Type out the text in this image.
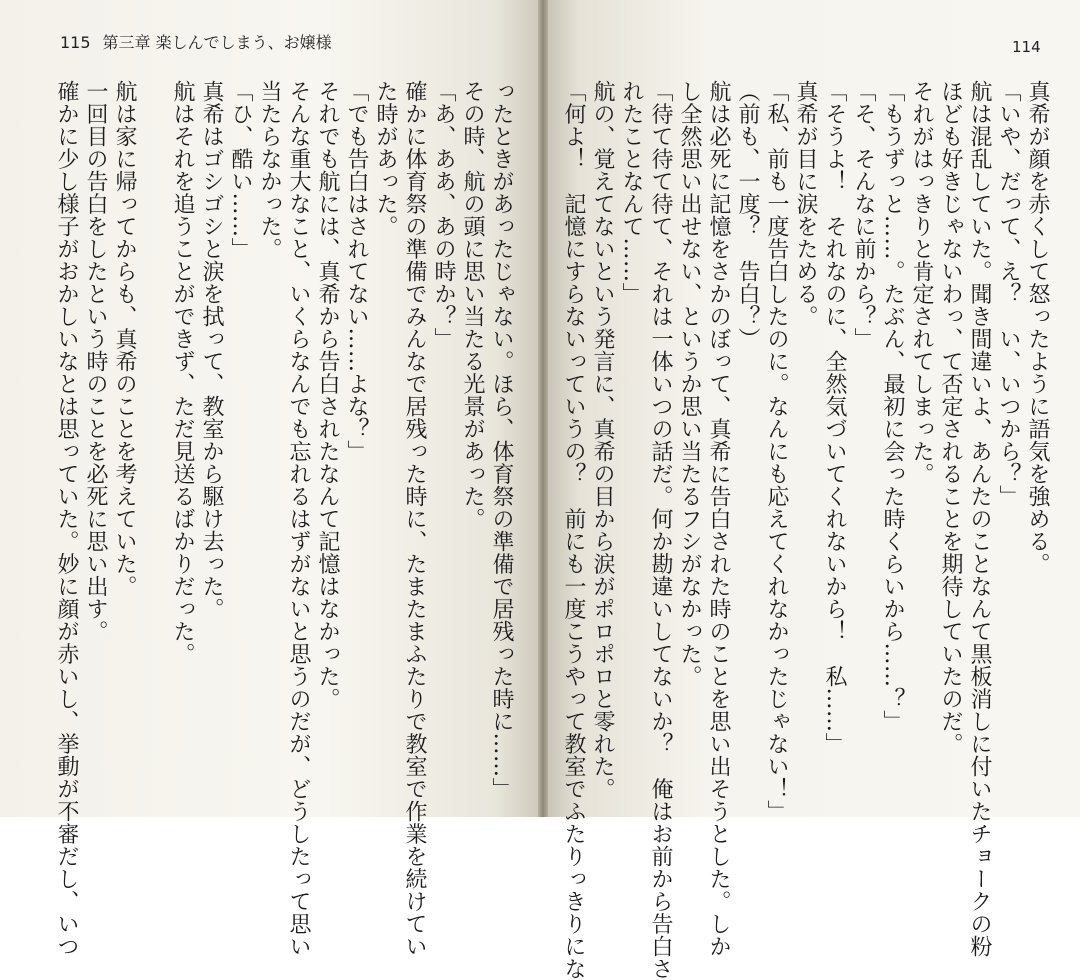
115 第三章 楽しんでしまう、お嬢様	114
真希が顔を赤くして怒ったように語気を強める。
「いや、だって、え？　い、いつから？」
航は混乱していた。聞き間違いよ、あんたのことなんて黒板消しに付いたチョークの粉
ほども好きじゃないわっ、て否定されることを期待していたのだ。
それがはっきりと肯定されてしまった。
「もうずっと……。たぶん、最初に会った時くらいから……？」
「そ、そんなに前から？」
「そうよ！　それなのに、全然気づいてくれないから！　私……」
真希が目に涙をためる。
「私、前も一度告白したのに。なんにも応えてくれなかったじゃない！」
（前も、一度？　告白？）
航は必死に記憶をさかのぼって、真希に告白された時のことを思い出そうとした。しか
し全然思い出せない、というか思い当たるフシがなかった。
「待て待て待て、それは一体いつの話だ。何か勘違いしてないか？　俺はお前から告白さ
れたことなんて……」
航の、覚えてないという発言に、真希の目から涙がポロポロと零れた。
「何よ！　記憶にすらないっていうの？　前にも一度こうやって教室でふたりっきりにな
ったときがあったじゃない。ほら、体育祭の準備で居残った時に……」
その時、航の頭に思い当たる光景があった。
「あ、ああ、あの時か？」
確かに体育祭の準備でみんなで居残った時に、たまたまふたりで教室で作業を続けてい
た時があった。
「でも告白はされてない……よな？」
それでも航には、真希から告白されたなんて記憶はなかった。
そんな重大なこと、いくらなんでも忘れるはずがないと思うのだが、どうしたって思い
当たらなかった。
「ひ、酷い……」
真希はゴシゴシと涙を拭って、教室から駆け去った。
航はそれを追うことができず、ただ見送るばかりだった。

航は家に帰ってからも、真希のことを考えていた。
一回目の告白をしたという時のことを必死に思い出す。
確かに少し様子がおかしいなとは思っていた。妙に顔が赤いし、挙動が不審だし、いつ
